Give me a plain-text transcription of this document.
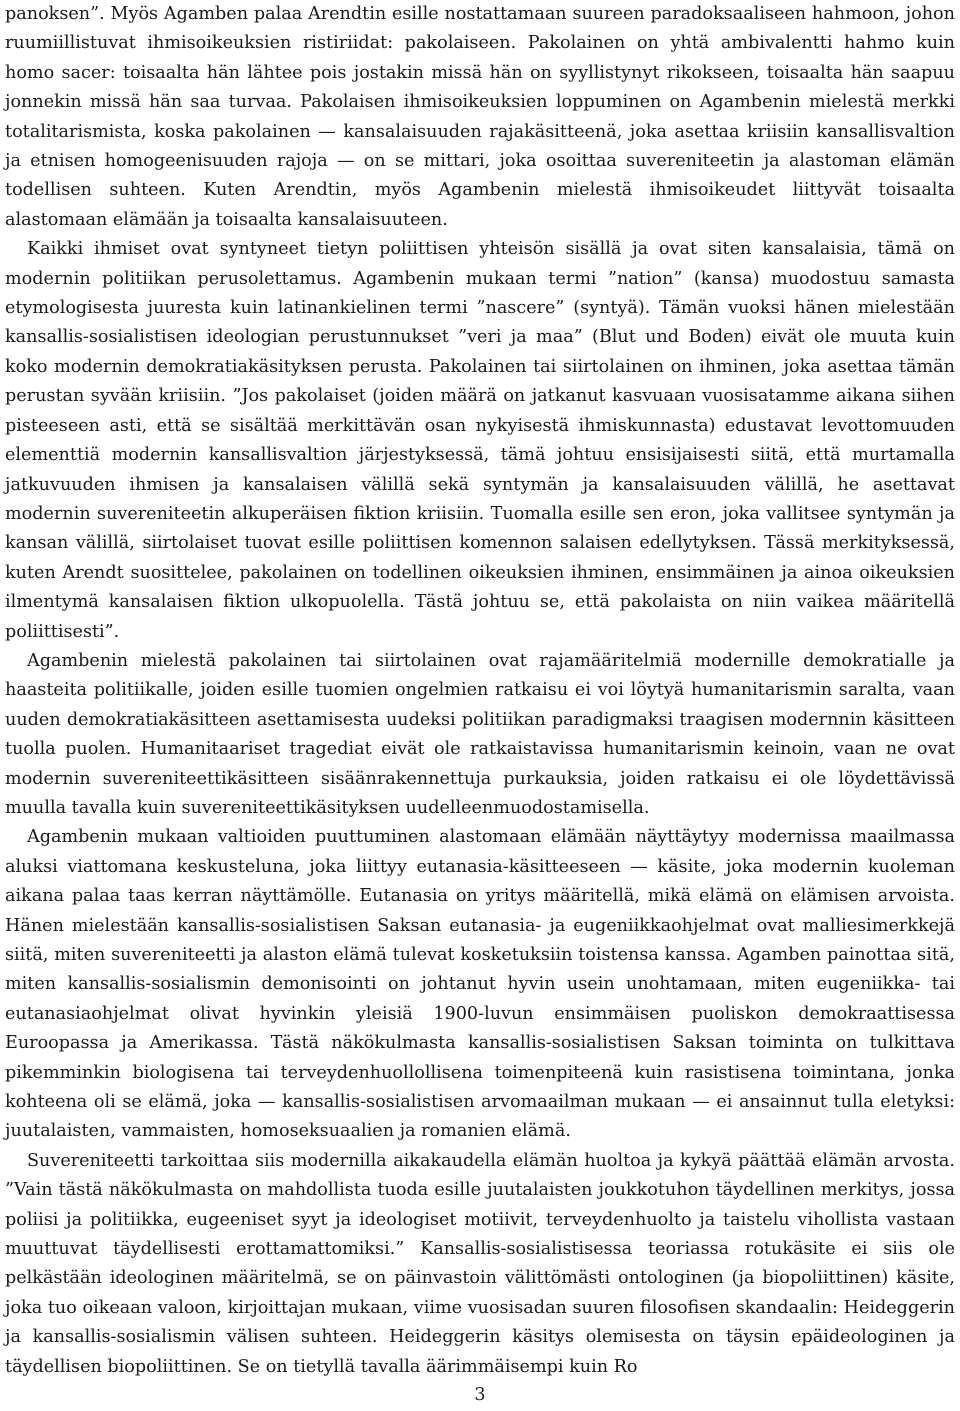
panoksen”. Myös Agamben palaa Arendtin esille nostattamaan suureen paradoksaaliseen hahmoon, johon ruumiillistuvat ihmisoikeuksien ristiriidat: pakolaiseen. Pakolainen on yhtä ambivalentti hahmo kuin homo sacer: toisaalta hän lähtee pois jostakin missä hän on syyllistynyt rikokseen, toisaalta hän saapuu jonnekin missä hän saa turvaa. Pakolaisen ihmisoikeuksien loppuminen on Agambenin mielestä merkki totalitarismista, koska pakolainen — kansalaisuuden rajakäsitteenä, joka asettaa kriisiin kansallisvaltion ja etnisen homogeenisuuden rajoja — on se mittari, joka osoittaa suvereniteetin ja alastoman elämän todellisen suhteen. Kuten Arendtin, myös Agambenin mielestä ihmisoikeudet liittyvät toisaalta alastomaan elämään ja toisaalta kansalaisuuteen.

Kaikki ihmiset ovat syntyneet tietyn poliittisen yhteisön sisällä ja ovat siten kansalaisia, tämä on modernin politiikan perusolettamus. Agambenin mukaan termi ”nation” (kansa) muodostuu samasta etymologisesta juuresta kuin latinankielinen termi ”nascere” (syntyä). Tämän vuoksi hänen mielestään kansallis-sosialistisen ideologian perustunnukset ”veri ja maa” (Blut und Boden) eivät ole muuta kuin koko modernin demokratiakäsityksen perusta. Pakolainen tai siirtolainen on ihminen, joka asettaa tämän perustan syvään kriisiin. ”Jos pakolaiset (joiden määrä on jatkanut kasvuaan vuosisatamme aikana siihen pisteeseen asti, että se sisältää merkittävän osan nykyisestä ihmiskunnasta) edustavat levottomuuden elementtiä modernin kansallisvaltion järjestyksessä, tämä johtuu ensisijaisesti siitä, että murtamalla jatkuvuuden ihmisen ja kansalaisen välillä sekä syntymän ja kansalaisuuden välillä, he asettavat modernin suvereniteetin alkuperäisen fiktion kriisiin. Tuomalla esille sen eron, joka vallitsee syntymän ja kansan välillä, siirtolaiset tuovat esille poliittisen komennon salaisen edellytyksen. Tässä merkityksessä, kuten Arendt suosittelee, pakolainen on todellinen oikeuksien ihminen, ensimmäinen ja ainoa oikeuksien ilmentymä kansalaisen fiktion ulkopuolella. Tästä johtuu se, että pakolaista on niin vaikea määritellä poliittisesti”.

Agambenin mielestä pakolainen tai siirtolainen ovat rajamääritelmiä modernille demokratialle ja haasteita politiikalle, joiden esille tuomien ongelmien ratkaisu ei voi löytyä humanitarismin saralta, vaan uuden demokratiakäsitteen asettamisesta uudeksi politiikan paradigmaksi traagisen modernnin käsitteen tuolla puolen. Humanitaariset tragediat eivät ole ratkaistavissa humanitarismin keinoin, vaan ne ovat modernin suvereniteettikäsitteen sisäänrakennettuja purkauksia, joiden ratkaisu ei ole löydettävissä muulla tavalla kuin suvereniteettikäsityksen uudelleenmuodostamisella.

Agambenin mukaan valtioiden puuttuminen alastomaan elämään näyttäytyy modernissa maailmassa aluksi viattomana keskusteluna, joka liittyy eutanasia-käsitteeseen — käsite, joka modernin kuoleman aikana palaa taas kerran näyttämölle. Eutanasia on yritys määritellä, mikä elämä on elämisen arvoista. Hänen mielestään kansallis-sosialistisen Saksan eutanasia- ja eugeniikkaohjelmat ovat malliesimerkkejä siitä, miten suvereniteetti ja alaston elämä tulevat kosketuksiin toistensa kanssa. Agamben painottaa sitä, miten kansallis-sosialismin demonisointi on johtanut hyvin usein unohtamaan, miten eugeniikka- tai eutanasiaohjelmat olivat hyvinkin yleisiä 1900-luvun ensimmäisen puoliskon demokraattisessa Euroopassa ja Amerikassa. Tästä näkökulmasta kansallis-sosialistisen Saksan toiminta on tulkittava pikemminkin biologisena tai terveydenhuollollisena toimenpiteenä kuin rasistisena toimintana, jonka kohteena oli se elämä, joka — kansallis-sosialistisen arvomaailman mukaan — ei ansainnut tulla eletyksi: juutalaisten, vammaisten, homoseksuaalien ja romanien elämä.

Suvereniteetti tarkoittaa siis modernilla aikakaudella elämän huoltoa ja kykyä päättää elämän arvosta. ”Vain tästä näkökulmasta on mahdollista tuoda esille juutalaisten joukkotuhon täydellinen merkitys, jossa poliisi ja politiikka, eugeeniset syyt ja ideologiset motiivit, terveydenhuolto ja taistelu vihollista vastaan muuttuvat täydellisesti erottamattomiksi.” Kansallis-sosialistisessa teoriassa rotukäsite ei siis ole pelkästään ideologinen määritelmä, se on päinvastoin välittömästi ontologinen (ja biopoliittinen) käsite, joka tuo oikeaan valoon, kirjoittajan mukaan, viime vuosisadan suuren filosofisen skandaalin: Heideggerin ja kansallis-sosialismin välisen suhteen. Heideggerin käsitys olemisesta on täysin epäideologinen ja täydellisen biopoliittinen. Se on tietyllä tavalla äärimmäisempi kuin Ro

3
